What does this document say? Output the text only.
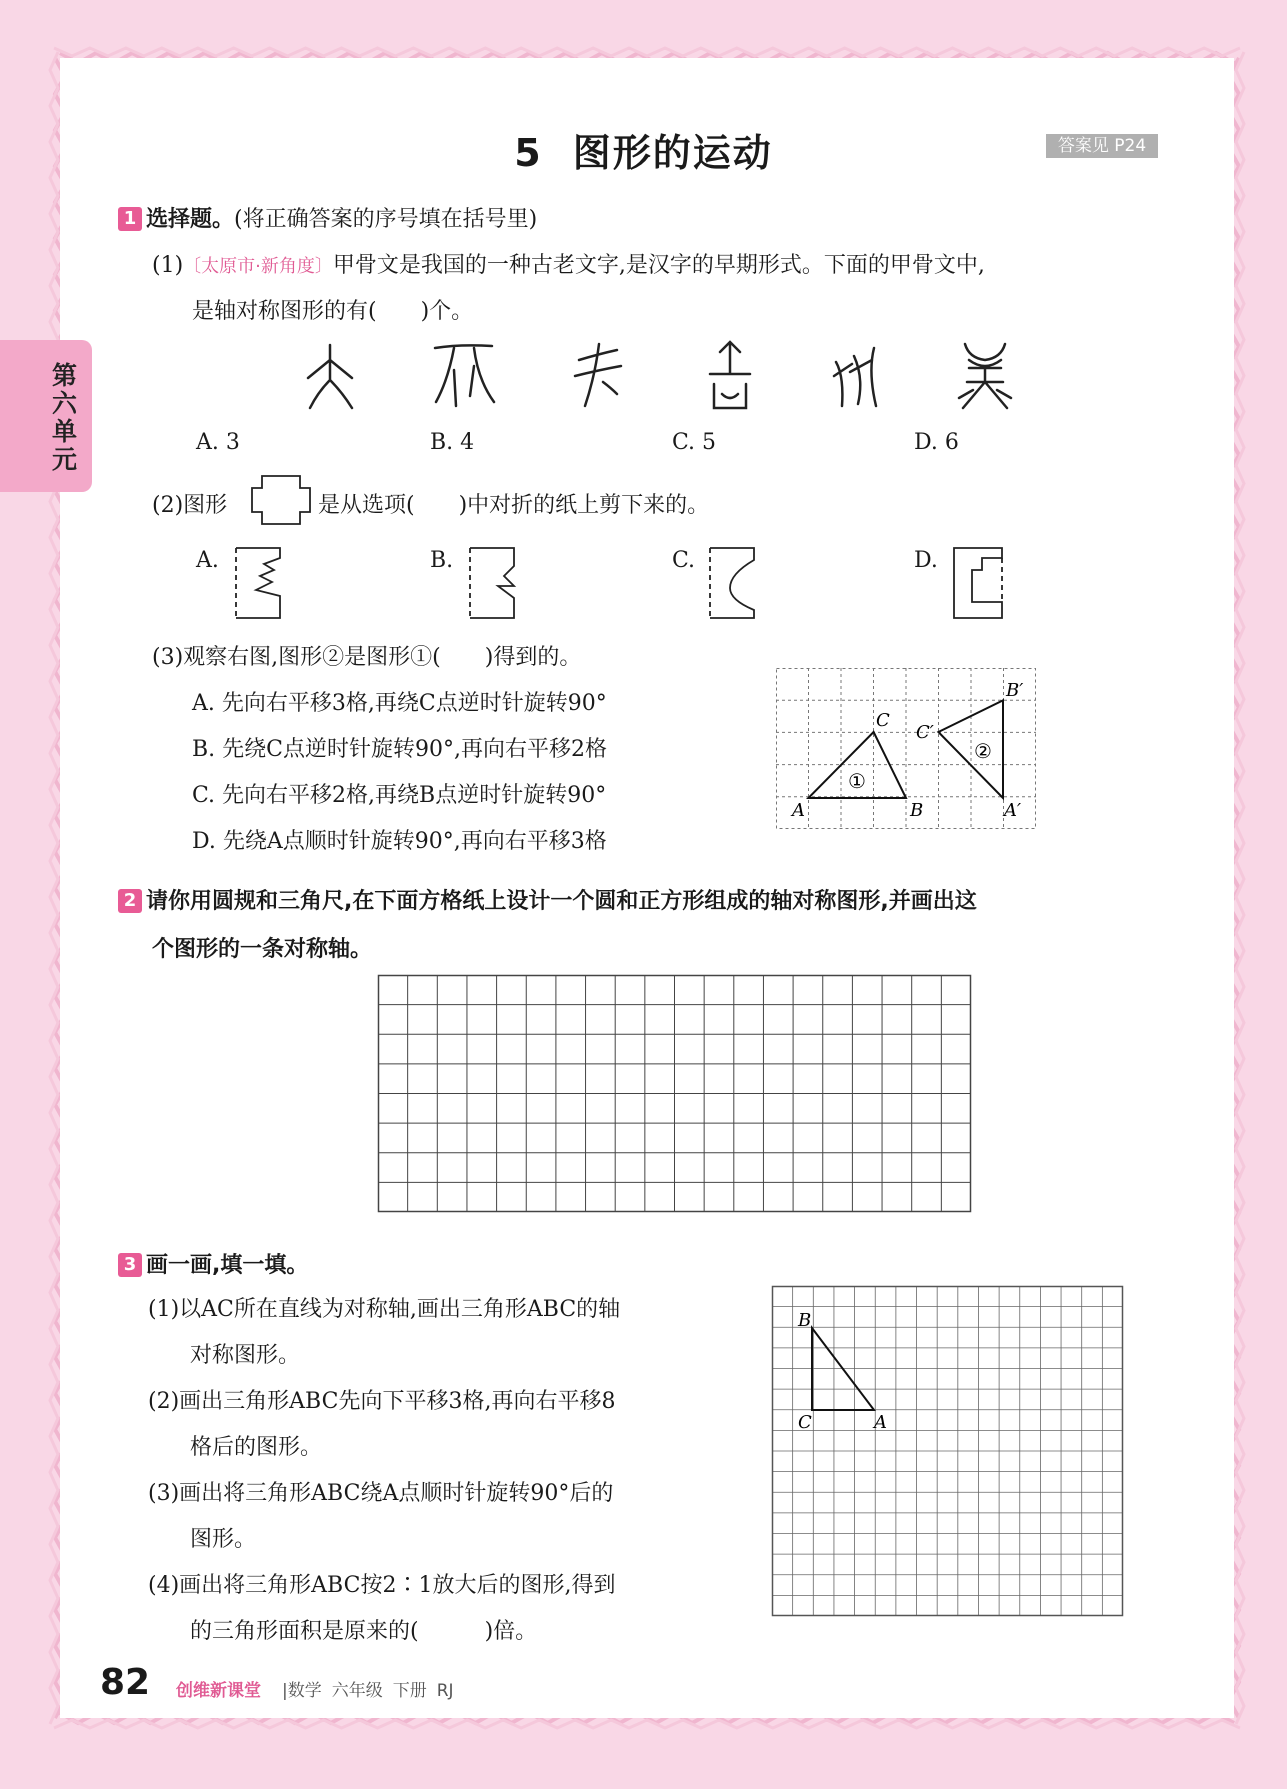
5 图形的运动	答案见 P24
第六单元
1 选择题。(将正确答案的序号填在括号里)
(1)〔太原市·新角度〕甲骨文是我国的一种古老文字,是汉字的早期形式。下面的甲骨文中,
是轴对称图形的有(　　)个。
A. 3	B. 4	C. 5	D. 6
(2)图形	是从选项(　　)中对折的纸上剪下来的。
A.	B.	C.	D.
(3)观察右图,图形②是图形①(　　)得到的。
A. 先向右平移3格,再绕C点逆时针旋转90°
B. 先绕C点逆时针旋转90°,再向右平移2格
C. 先向右平移2格,再绕B点逆时针旋转90°
D. 先绕A点顺时针旋转90°,再向右平移3格
A	B
C
C′
B′
A′
①
②
2 请你用圆规和三角尺,在下面方格纸上设计一个圆和正方形组成的轴对称图形,并画出这
个图形的一条对称轴。
3 画一画,填一填。
(1)以AC所在直线为对称轴,画出三角形ABC的轴
对称图形。
(2)画出三角形ABC先向下平移3格,再向右平移8
格后的图形。
(3)画出将三角形ABC绕A点顺时针旋转90°后的
图形。
(4)画出将三角形ABC按2∶1放大后的图形,得到
的三角形面积是原来的(　　　)倍。
B
C	A
82 创维新课堂 |数学 六年级 下册 RJ
